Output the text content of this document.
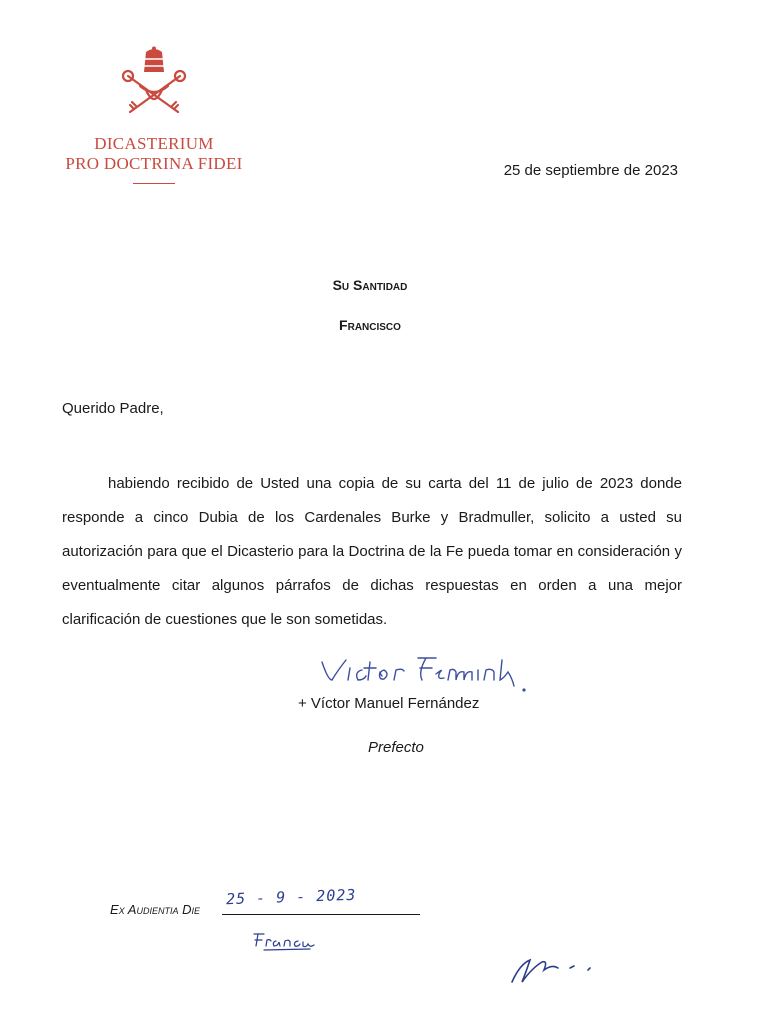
DICASTERIUM
PRO DOCTRINA FIDEI	25 de septiembre de 2023
Su Santidad
Francisco
Querido Padre,

habiendo recibido de Usted una copia de su carta del 11 de julio de 2023 donde responde a cinco Dubia de los Cardenales Burke y Bradmuller, solicito a usted su autorización para que el Dicasterio para la Doctrina de la Fe pueda tomar en consideración y eventualmente citar algunos párrafos de dichas respuestas en orden a una mejor clarificación de cuestiones que le son sometidas.

+ Víctor Manuel Fernández
Prefecto
Ex Audientia Die
25 - 9 - 2023
